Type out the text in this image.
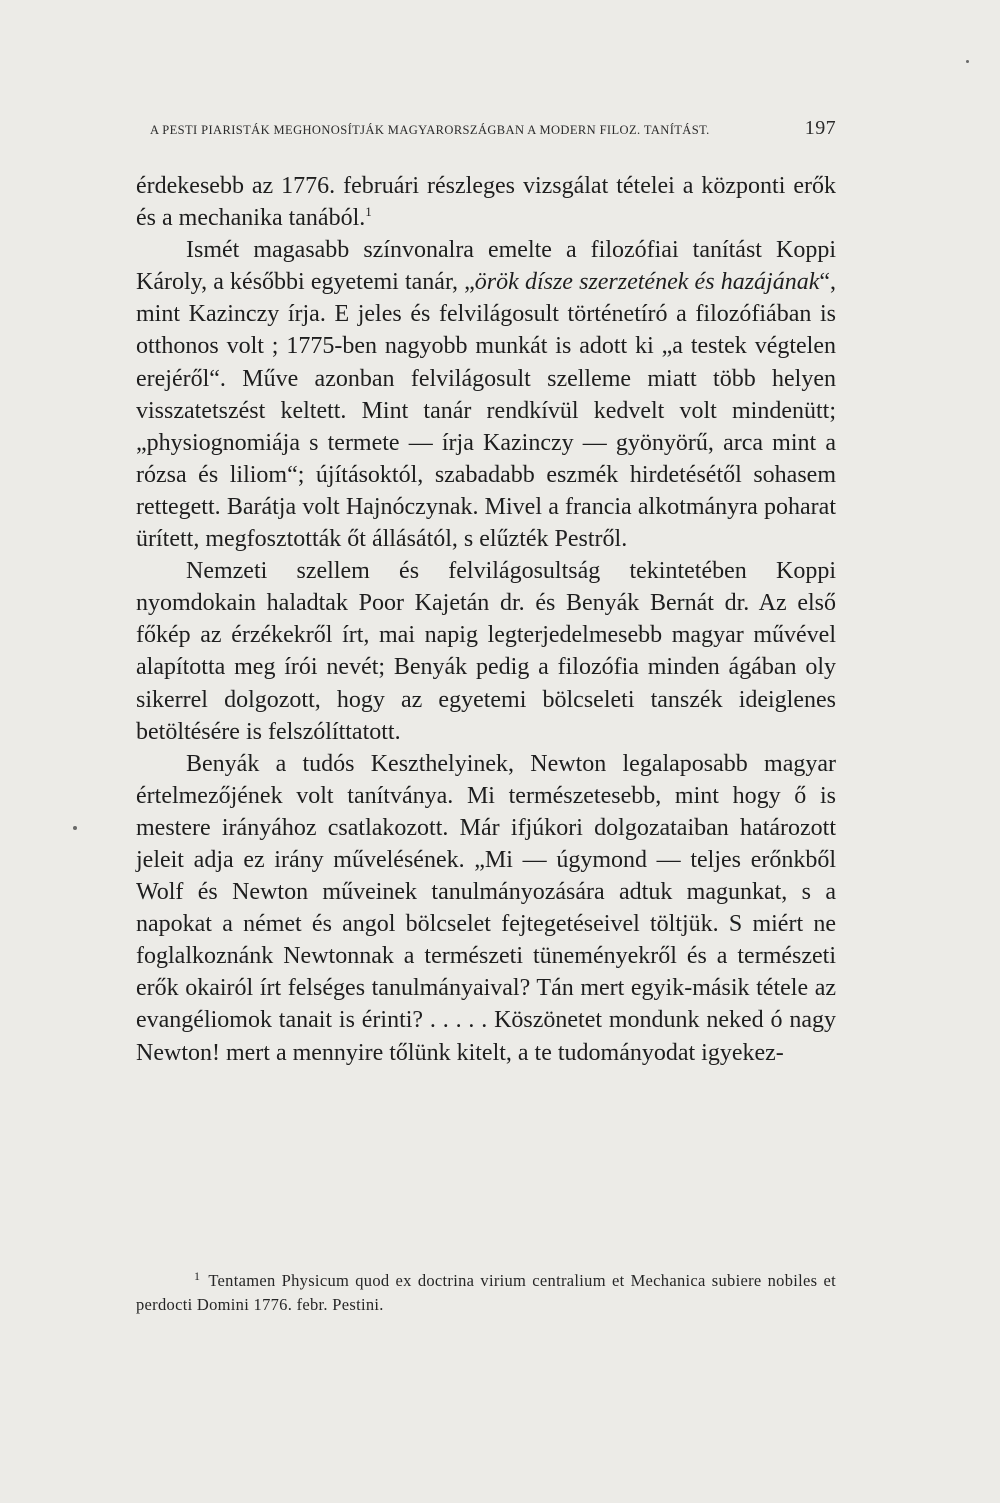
A PESTI PIARISTÁK MEGHONOSÍTJÁK MAGYARORSZÁGBAN A MODERN FILOZ. TANÍTÁST.	197

érdekesebb az 1776. februári részleges vizsgálat tételei a központi erők és a mechanika tanából.$^1$

Ismét magasabb színvonalra emelte a filozófiai tanítást Koppi Károly, a későbbi egyetemi tanár, „örök dísze szerzetének és hazájának“, mint Kazinczy írja. E jeles és felvilágosult történetíró a filozófiában is otthonos volt ; 1775-ben nagyobb munkát is adott ki „a testek végtelen erejéről“. Műve azonban felvilágosult szelleme miatt több helyen visszatetszést keltett. Mint tanár rendkívül kedvelt volt mindenütt; „physiognomiája s termete — írja Kazinczy — gyönyörű, arca mint a rózsa és liliom“; újításoktól, szabadabb eszmék hirdetésétől sohasem rettegett. Barátja volt Hajnóczynak. Mivel a francia alkotmányra poharat ürített, megfosztották őt állásától, s elűzték Pestről.

Nemzeti szellem és felvilágosultság tekintetében Koppi nyomdokain haladtak Poor Kajetán dr. és Benyák Bernát dr. Az első főkép az érzékekről írt, mai napig legterjedelmesebb magyar művével alapította meg írói nevét; Benyák pedig a filozófia minden ágában oly sikerrel dolgozott, hogy az egyetemi bölcseleti tanszék ideiglenes betöltésére is felszólíttatott.

Benyák a tudós Keszthelyinek, Newton legalaposabb magyar értelmezőjének volt tanítványa. Mi természetesebb, mint hogy ő is mestere irányához csatlakozott. Már ifjúkori dolgozataiban határozott jeleit adja ez irány művelésének. „Mi — úgymond — teljes erőnkből Wolf és Newton műveinek tanulmányozására adtuk magunkat, s a napokat a német és angol bölcselet fejtegetéseivel töltjük. S miért ne foglalkoznánk Newtonnak a természeti tüneményekről és a természeti erők okairól írt felséges tanulmányaival? Tán mert egyik-másik tétele az evangéliomok tanait is érinti? . . . . . Köszönetet mondunk neked ó nagy Newton! mert a mennyire tőlünk kitelt, a te tudományodat igyekez-

$^1$ Tentamen Physicum quod ex doctrina virium centralium et Mechanica subiere nobiles et perdocti Domini 1776. febr. Pestini.
